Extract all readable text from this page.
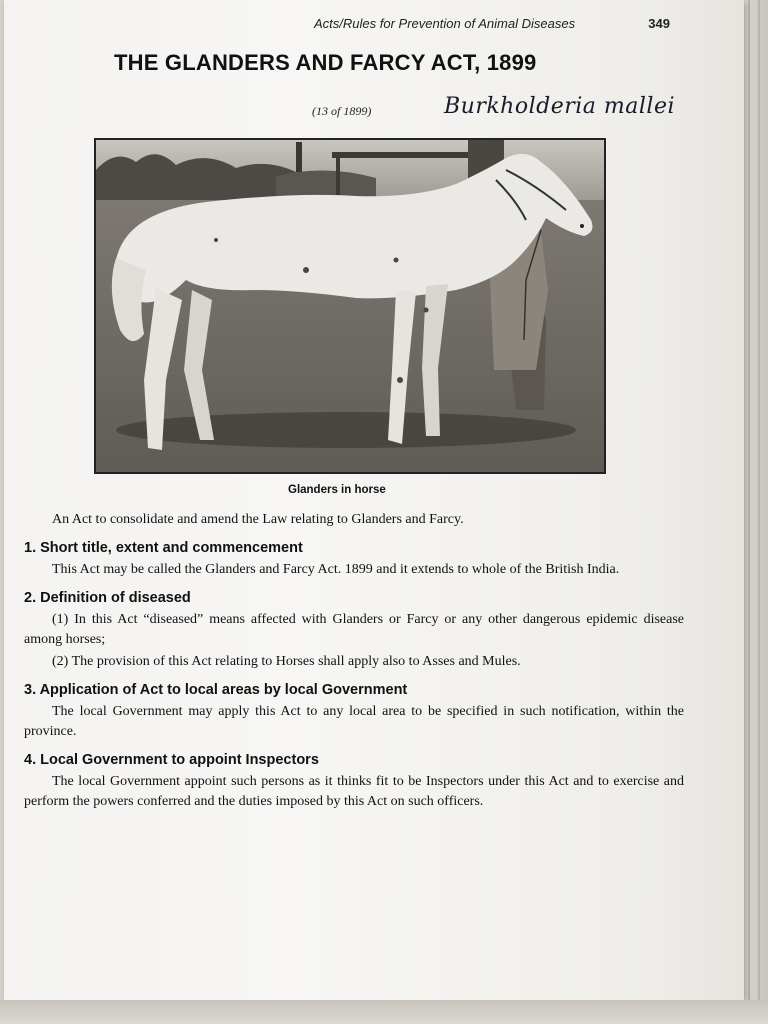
Acts/Rules for Prevention of Animal Diseases	349
THE GLANDERS AND FARCY ACT, 1899
(13 of 1899)	Burkholderia mallei
Glanders in horse
An Act to consolidate and amend the Law relating to Glanders and Farcy.
1. Short title, extent and commencement
This Act may be called the Glanders and Farcy Act. 1899 and it extends to whole of the British India.
2. Definition of diseased
(1) In this Act “diseased” means affected with Glanders or Farcy or any other dangerous epidemic disease among horses;
(2) The provision of this Act relating to Horses shall apply also to Asses and Mules.
3. Application of Act to local areas by local Government
The local Government may apply this Act to any local area to be specified in such notification, within the province.
4. Local Government to appoint Inspectors
The local Government appoint such persons as it thinks fit to be Inspectors under this Act and to exercise and perform the powers conferred and the duties imposed by this Act on such officers.
